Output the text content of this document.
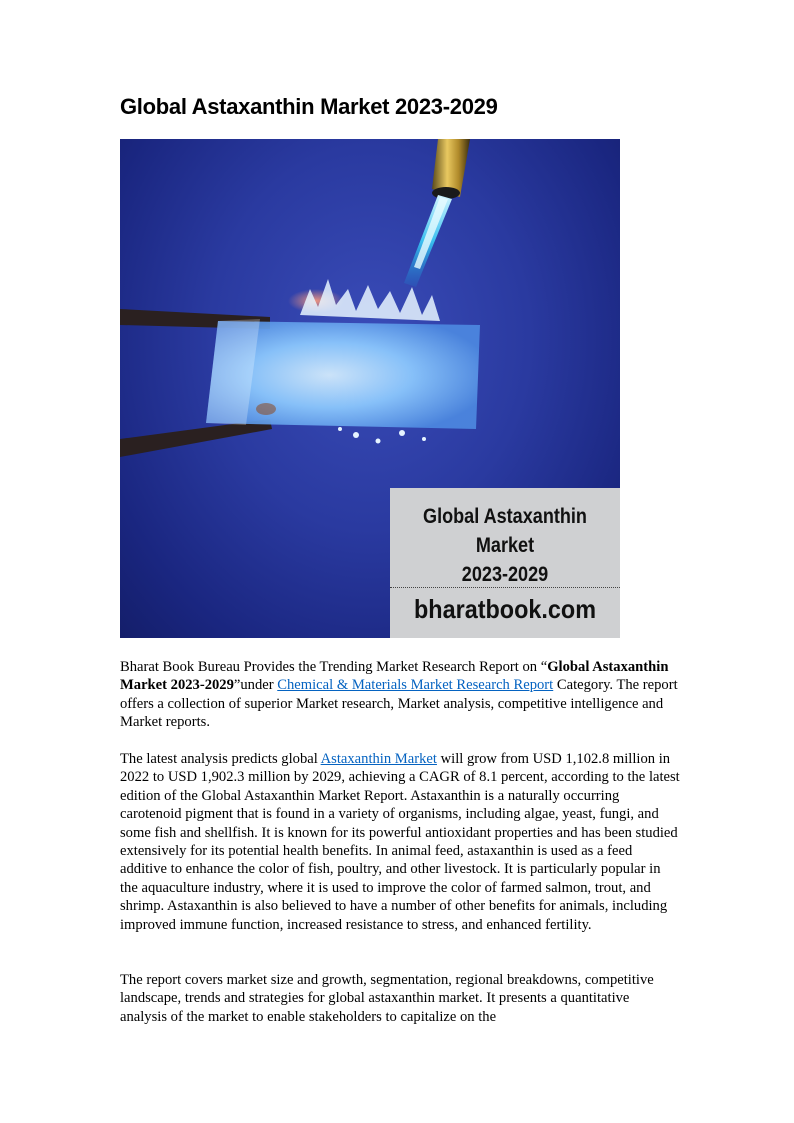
Global Astaxanthin Market 2023-2029
Global Astaxanthin Market
2023-2029
bharatbook.com

Bharat Book Bureau Provides the Trending Market Research Report on “Global Astaxanthin Market 2023-2029”under Chemical & Materials Market Research Report Category. The report offers a collection of superior Market research, Market analysis, competitive intelligence and Market reports.

The latest analysis predicts global Astaxanthin Market will grow from USD 1,102.8 million in 2022 to USD 1,902.3 million by 2029, achieving a CAGR of 8.1 percent, according to the latest edition of the Global Astaxanthin Market Report. Astaxanthin is a naturally occurring carotenoid pigment that is found in a variety of organisms, including algae, yeast, fungi, and some fish and shellfish. It is known for its powerful antioxidant properties and has been studied extensively for its potential health benefits. In animal feed, astaxanthin is used as a feed additive to enhance the color of fish, poultry, and other livestock. It is particularly popular in the aquaculture industry, where it is used to improve the color of farmed salmon, trout, and shrimp. Astaxanthin is also believed to have a number of other benefits for animals, including improved immune function, increased resistance to stress, and enhanced fertility.

The report covers market size and growth, segmentation, regional breakdowns, competitive landscape, trends and strategies for global astaxanthin market. It presents a quantitative analysis of the market to enable stakeholders to capitalize on the
